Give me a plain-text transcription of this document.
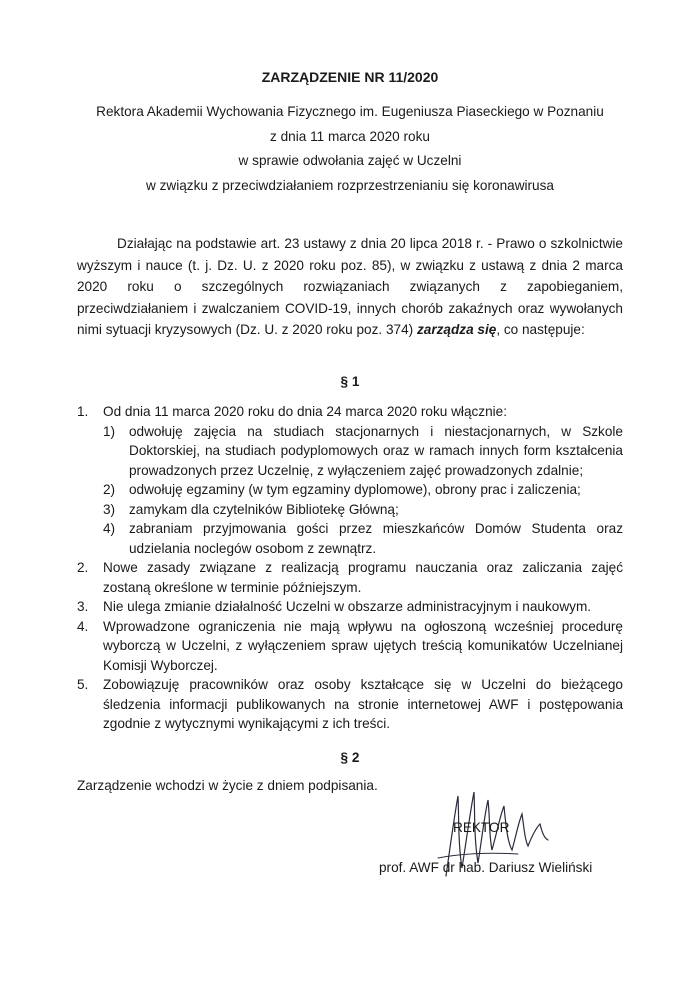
ZARZĄDZENIE NR 11/2020
Rektora Akademii Wychowania Fizycznego im. Eugeniusza Piaseckiego w Poznaniu
z dnia 11 marca 2020 roku
w sprawie odwołania zajęć w Uczelni
w związku z przeciwdziałaniem rozprzestrzenianiu się koronawirusa
Działając na podstawie art. 23 ustawy z dnia 20 lipca 2018 r. - Prawo o szkolnictwie wyższym i nauce (t. j. Dz. U. z 2020 roku poz. 85), w związku z ustawą z dnia 2 marca 2020 roku o szczególnych rozwiązaniach związanych z zapobieganiem, przeciwdziałaniem i zwalczaniem COVID-19, innych chorób zakaźnych oraz wywołanych nimi sytuacji kryzysowych (Dz. U. z 2020 roku poz. 374) zarządza się, co następuje:
§ 1
1. Od dnia 11 marca 2020 roku do dnia 24 marca 2020 roku włącznie:
1) odwołuję zajęcia na studiach stacjonarnych i niestacjonarnych, w Szkole Doktorskiej, na studiach podyplomowych oraz w ramach innych form kształcenia prowadzonych przez Uczelnię, z wyłączeniem zajęć prowadzonych zdalnie;
2) odwołuję egzaminy (w tym egzaminy dyplomowe), obrony prac i zaliczenia;
3) zamykam dla czytelników Bibliotekę Główną;
4) zabraniam przyjmowania gości przez mieszkańców Domów Studenta oraz udzielania noclegów osobom z zewnątrz.
2. Nowe zasady związane z realizacją programu nauczania oraz zaliczania zajęć zostaną określone w terminie późniejszym.
3. Nie ulega zmianie działalność Uczelni w obszarze administracyjnym i naukowym.
4. Wprowadzone ograniczenia nie mają wpływu na ogłoszoną wcześniej procedurę wyborczą w Uczelni, z wyłączeniem spraw ujętych treścią komunikatów Uczelnianej Komisji Wyborczej.
5. Zobowiązuję pracowników oraz osoby kształcące się w Uczelni do bieżącego śledzenia informacji publikowanych na stronie internetowej AWF i postępowania zgodnie z wytycznymi wynikającymi z ich treści.
§ 2
Zarządzenie wchodzi w życie z dniem podpisania.
REKTOR
prof. AWF dr hab. Dariusz Wieliński
